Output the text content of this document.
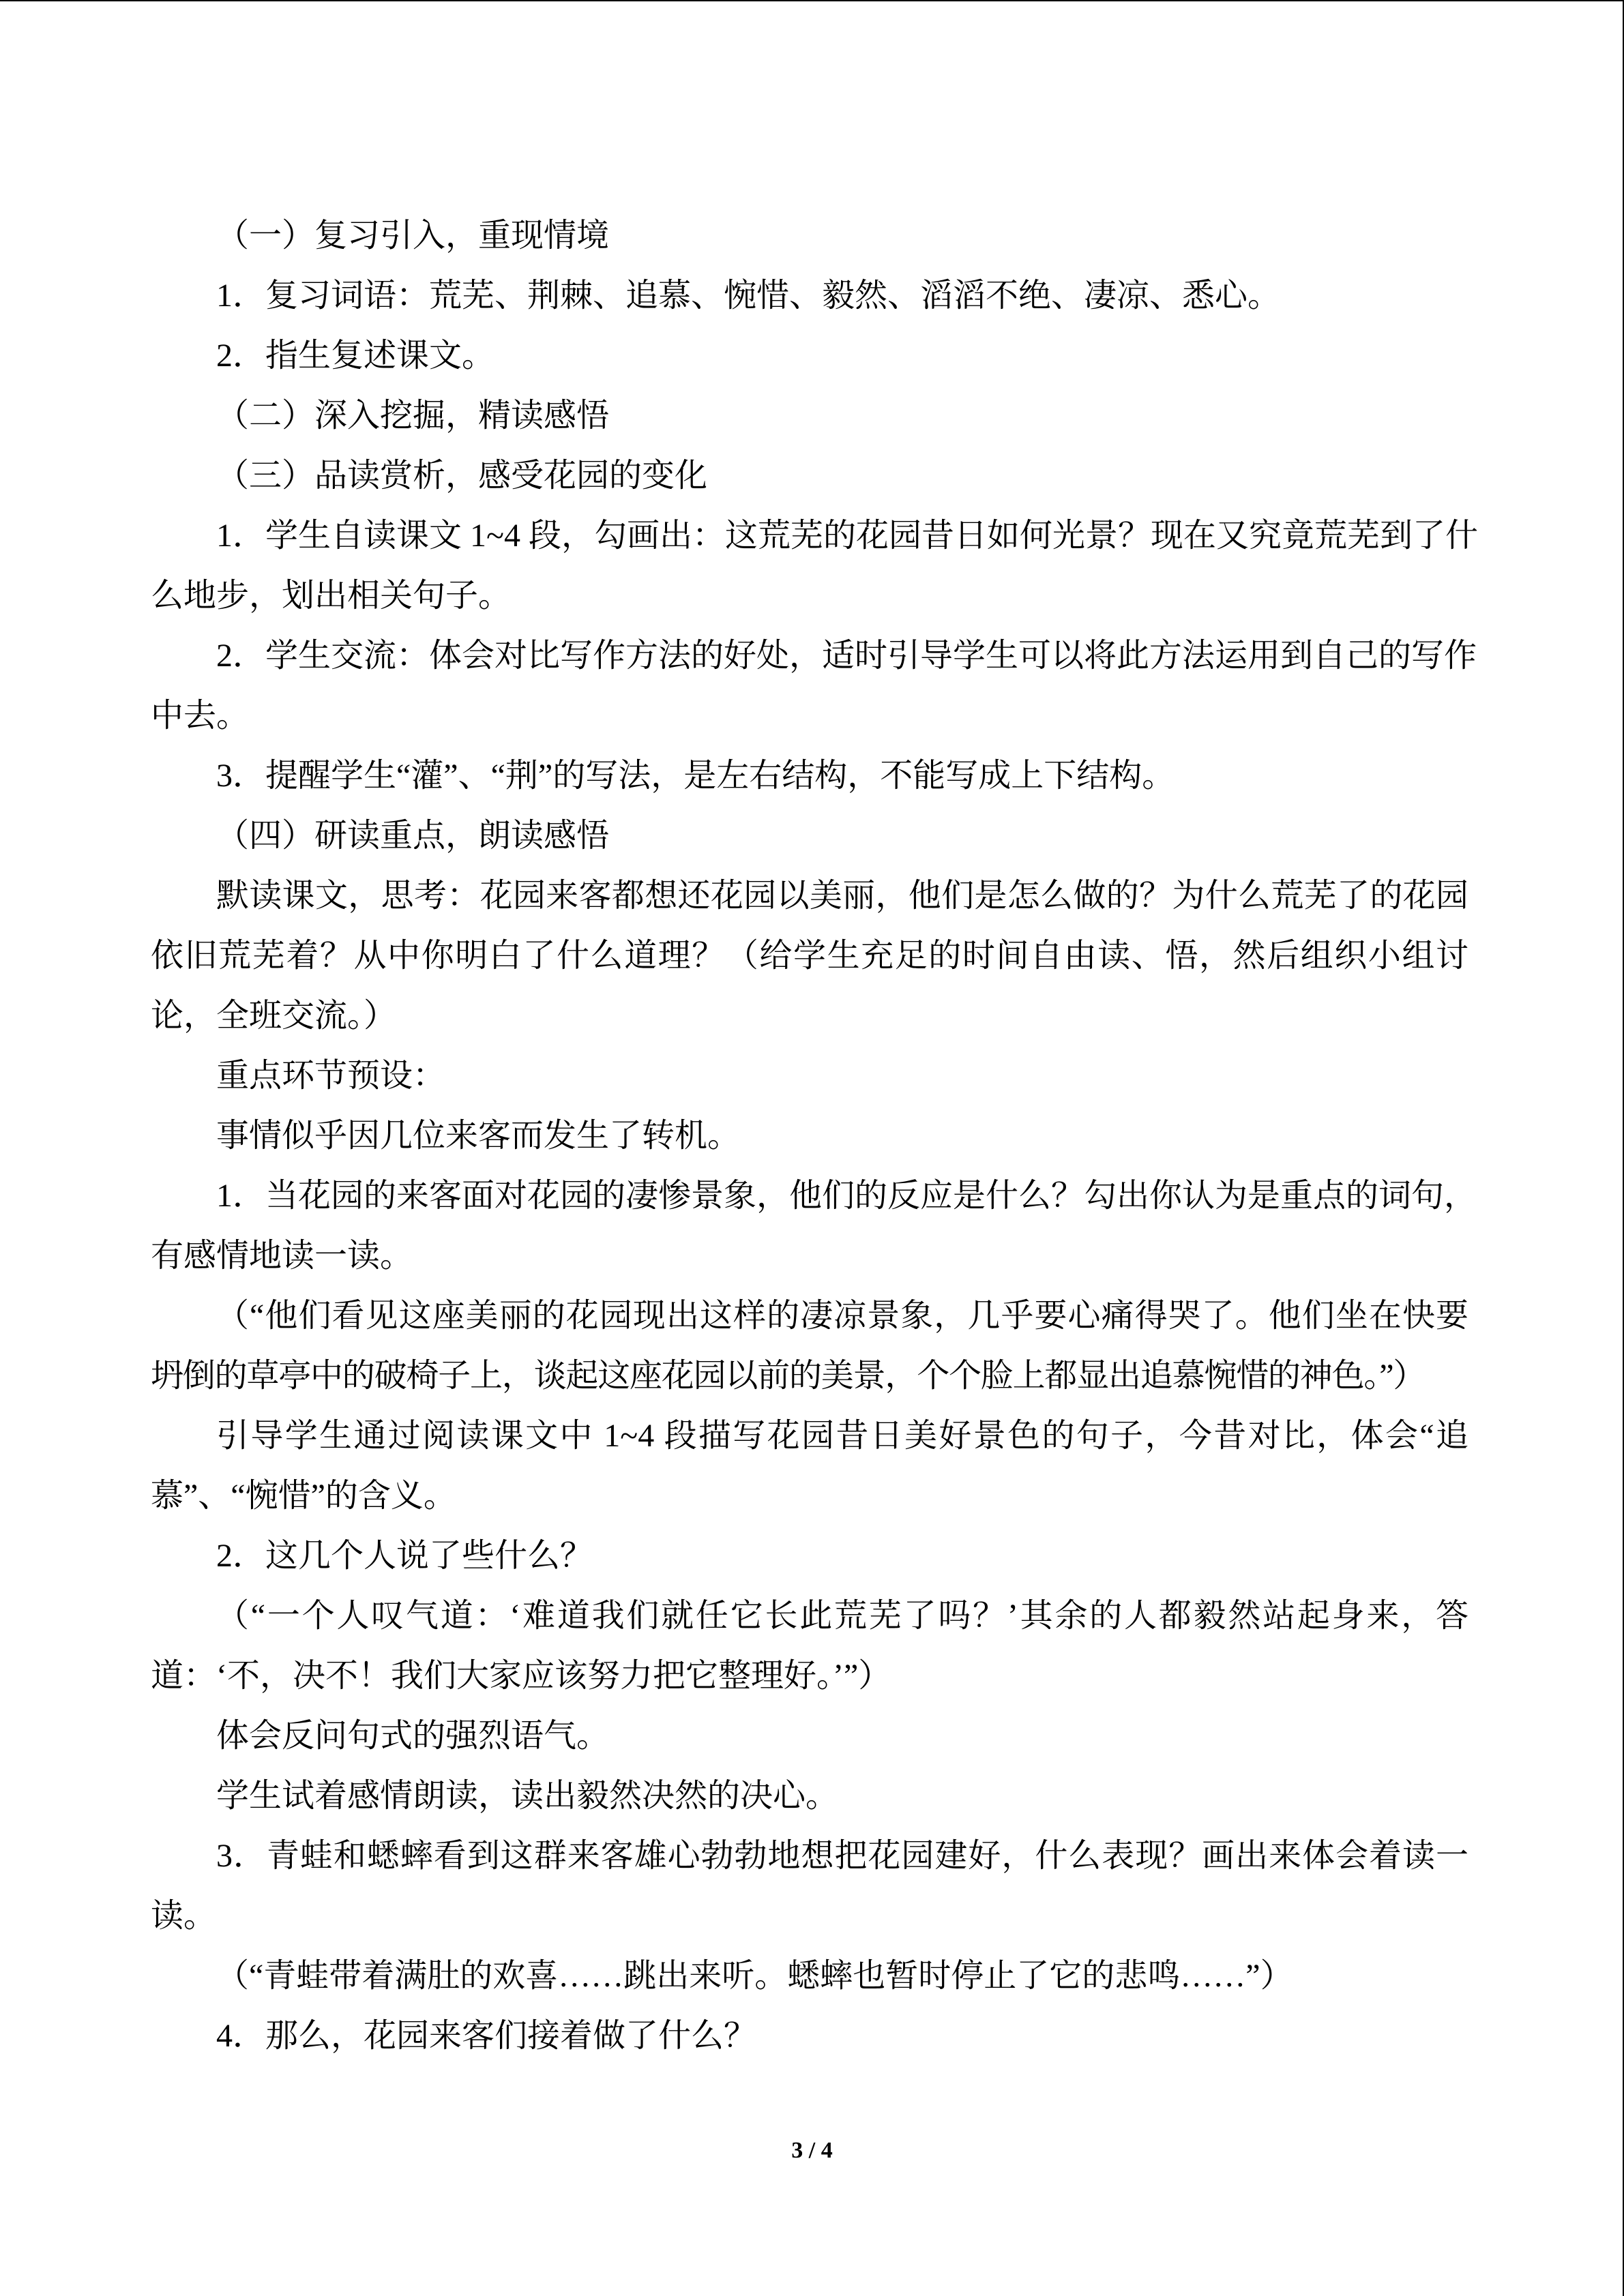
（一）复习引入，重现情境
1．复习词语：荒芜、荆棘、追慕、惋惜、毅然、滔滔不绝、凄凉、悉心。
2．指生复述课文。
（二）深入挖掘，精读感悟
（三）品读赏析，感受花园的变化
1．学生自读课文 1~4 段，勾画出：这荒芜的花园昔日如何光景？现在又究竟荒芜到了什
么地步，划出相关句子。
2．学生交流：体会对比写作方法的好处，适时引导学生可以将此方法运用到自己的写作
中去。
3．提醒学生“灌”、“荆”的写法，是左右结构，不能写成上下结构。
（四）研读重点，朗读感悟
默读课文，思考：花园来客都想还花园以美丽，他们是怎么做的？为什么荒芜了的花园
依旧荒芜着？从中你明白了什么道理？（给学生充足的时间自由读、悟，然后组织小组讨
论，全班交流。）
重点环节预设：
事情似乎因几位来客而发生了转机。
1．当花园的来客面对花园的凄惨景象，他们的反应是什么？勾出你认为是重点的词句，
有感情地读一读。
（“他们看见这座美丽的花园现出这样的凄凉景象，几乎要心痛得哭了。他们坐在快要
坍倒的草亭中的破椅子上，谈起这座花园以前的美景，个个脸上都显出追慕惋惜的神色。”）
引导学生通过阅读课文中 1~4 段描写花园昔日美好景色的句子，今昔对比，体会“追
慕”、“惋惜”的含义。
2．这几个人说了些什么？
（“一个人叹气道：‘难道我们就任它长此荒芜了吗？’其余的人都毅然站起身来，答
道：‘不，决不！我们大家应该努力把它整理好。’”）
体会反问句式的强烈语气。
学生试着感情朗读，读出毅然决然的决心。
3．青蛙和蟋蟀看到这群来客雄心勃勃地想把花园建好，什么表现？画出来体会着读一
读。
（“青蛙带着满肚的欢喜……跳出来听。蟋蟀也暂时停止了它的悲鸣……”）
4．那么，花园来客们接着做了什么？
3 / 4
